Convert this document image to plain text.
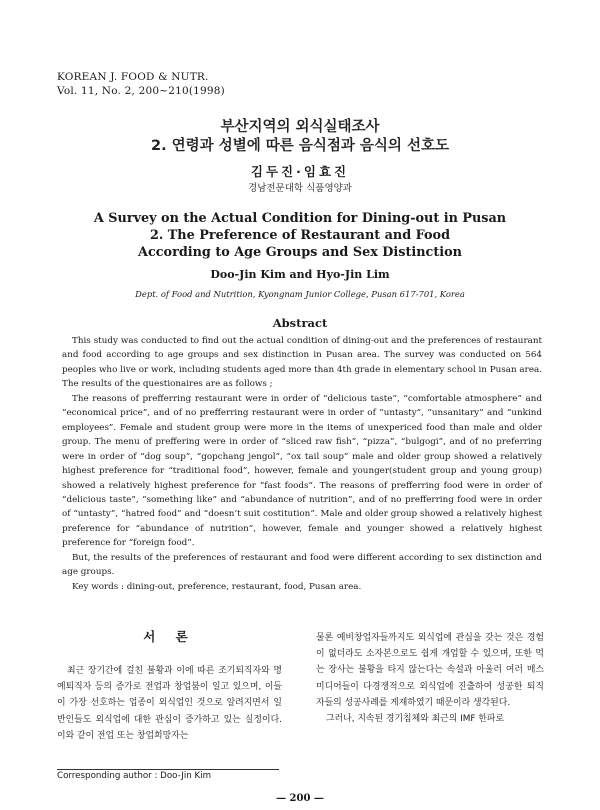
KOREAN J. FOOD & NUTR.
Vol. 11, No. 2, 200~210(1998)
부산지역의 외식실태조사
2. 연령과 성별에 따른 음식점과 음식의 선호도
김두진·임효진
경남전문대학 식품영양과
A Survey on the Actual Condition for Dining-out in Pusan
2. The Preference of Restaurant and Food
According to Age Groups and Sex Distinction
Doo-Jin Kim and Hyo-Jin Lim
Dept. of Food and Nutrition, Kyongnam Junior College, Pusan 617-701, Korea
Abstract

This study was conducted to find out the actual condition of dining-out and the preferences of restaurant and food according to age groups and sex distinction in Pusan area. The survey was conducted on 564 peoples who live or work, including students aged more than 4th grade in elementary school in Pusan area. The results of the questionaires are as follows ;

The reasons of prefferring restaurant were in order of “delicious taste”, “comfortable atmosphere” and “economical price”, and of no prefferring restaurant were in order of “untasty”, “unsanitary” and “unkind employees”. Female and student group were more in the items of unexpericed food than male and older group. The menu of preffering were in order of “sliced raw fish”, “pizza”, “bulgogi”, and of no preferring were in order of “dog soup”, “gopchang jengol”, “ox tail soup” male and older group showed a relatively highest preference for “traditional food”, however, female and younger(student group and young group) showed a relatively highest preference for “fast foods”. The reasons of prefferring food were in order of “delicious taste”, “something like” and “abundance of nutrition”, and of no prefferring food were in order of “untasty”, “hatred food” and “doesn’t suit costitution”. Male and older group showed a relatively highest preference for “abundance of nutrition”, however, female and younger showed a relatively highest preference for “foreign food”.

But, the results of the preferences of restaurant and food were different according to sex distinction and age groups.

Key words : dining-out, preference, restaurant, food, Pusan area.

서 론

최근 장기간에 걸친 불황과 이에 따른 조기퇴직자와 명예퇴직자 등의 증가로 전업과 창업붐이 일고 있으며, 이들이 가장 선호하는 업종이 외식업인 것으로 알려지면서 일반인들도 외식업에 대한 관심이 증가하고 있는 실정이다. 이와 같이 전업 또는 창업희망자는

물론 예비창업자들까지도 외식업에 관심을 갖는 것은 경험이 없더라도 소자본으로도 쉽게 개업할 수 있으며, 또한 먹는 장사는 불황을 타지 않는다는 속설과 아울러 여러 매스미디어들이 다경쟁적으로 외식업에 진출하여 성공한 퇴직자들의 성공사례를 게재하였기 때문이라 생각된다.

그러나, 지속된 경기침체와 최근의 IMF 한파로

Corresponding author : Doo-Jin Kim
— 200 —
